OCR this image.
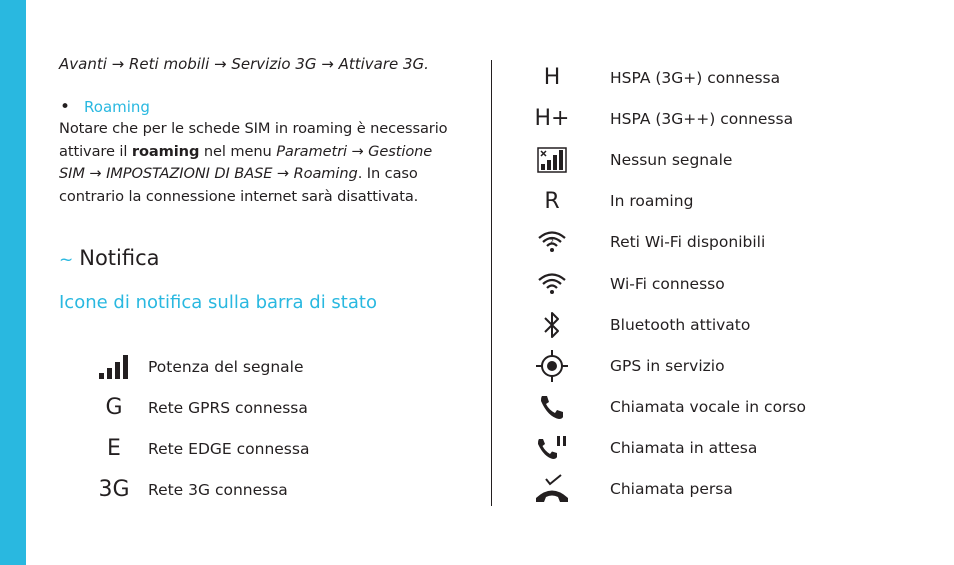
Avanti → Reti mobili → Servizio 3G → Attivare 3G.
• Roaming
Notare che per le schede SIM in roaming è necessario attivare il roaming nel menu Parametri → Gestione SIM → IMPOSTAZIONI DI BASE → Roaming. In caso contrario la connessione internet sarà disattivata.
~ Notifica
Icone di notifica sulla barra di stato
Potenza del segnale
G	Rete GPRS connessa
E	Rete EDGE connessa
3G	Rete 3G connessa
H	HSPA (3G+) connessa
H+	HSPA (3G++) connessa
Nessun segnale
R	In roaming
?	Reti Wi-Fi disponibili
Wi-Fi connesso
Bluetooth attivato
GPS in servizio
Chiamata vocale in corso
Chiamata in attesa
Chiamata persa
